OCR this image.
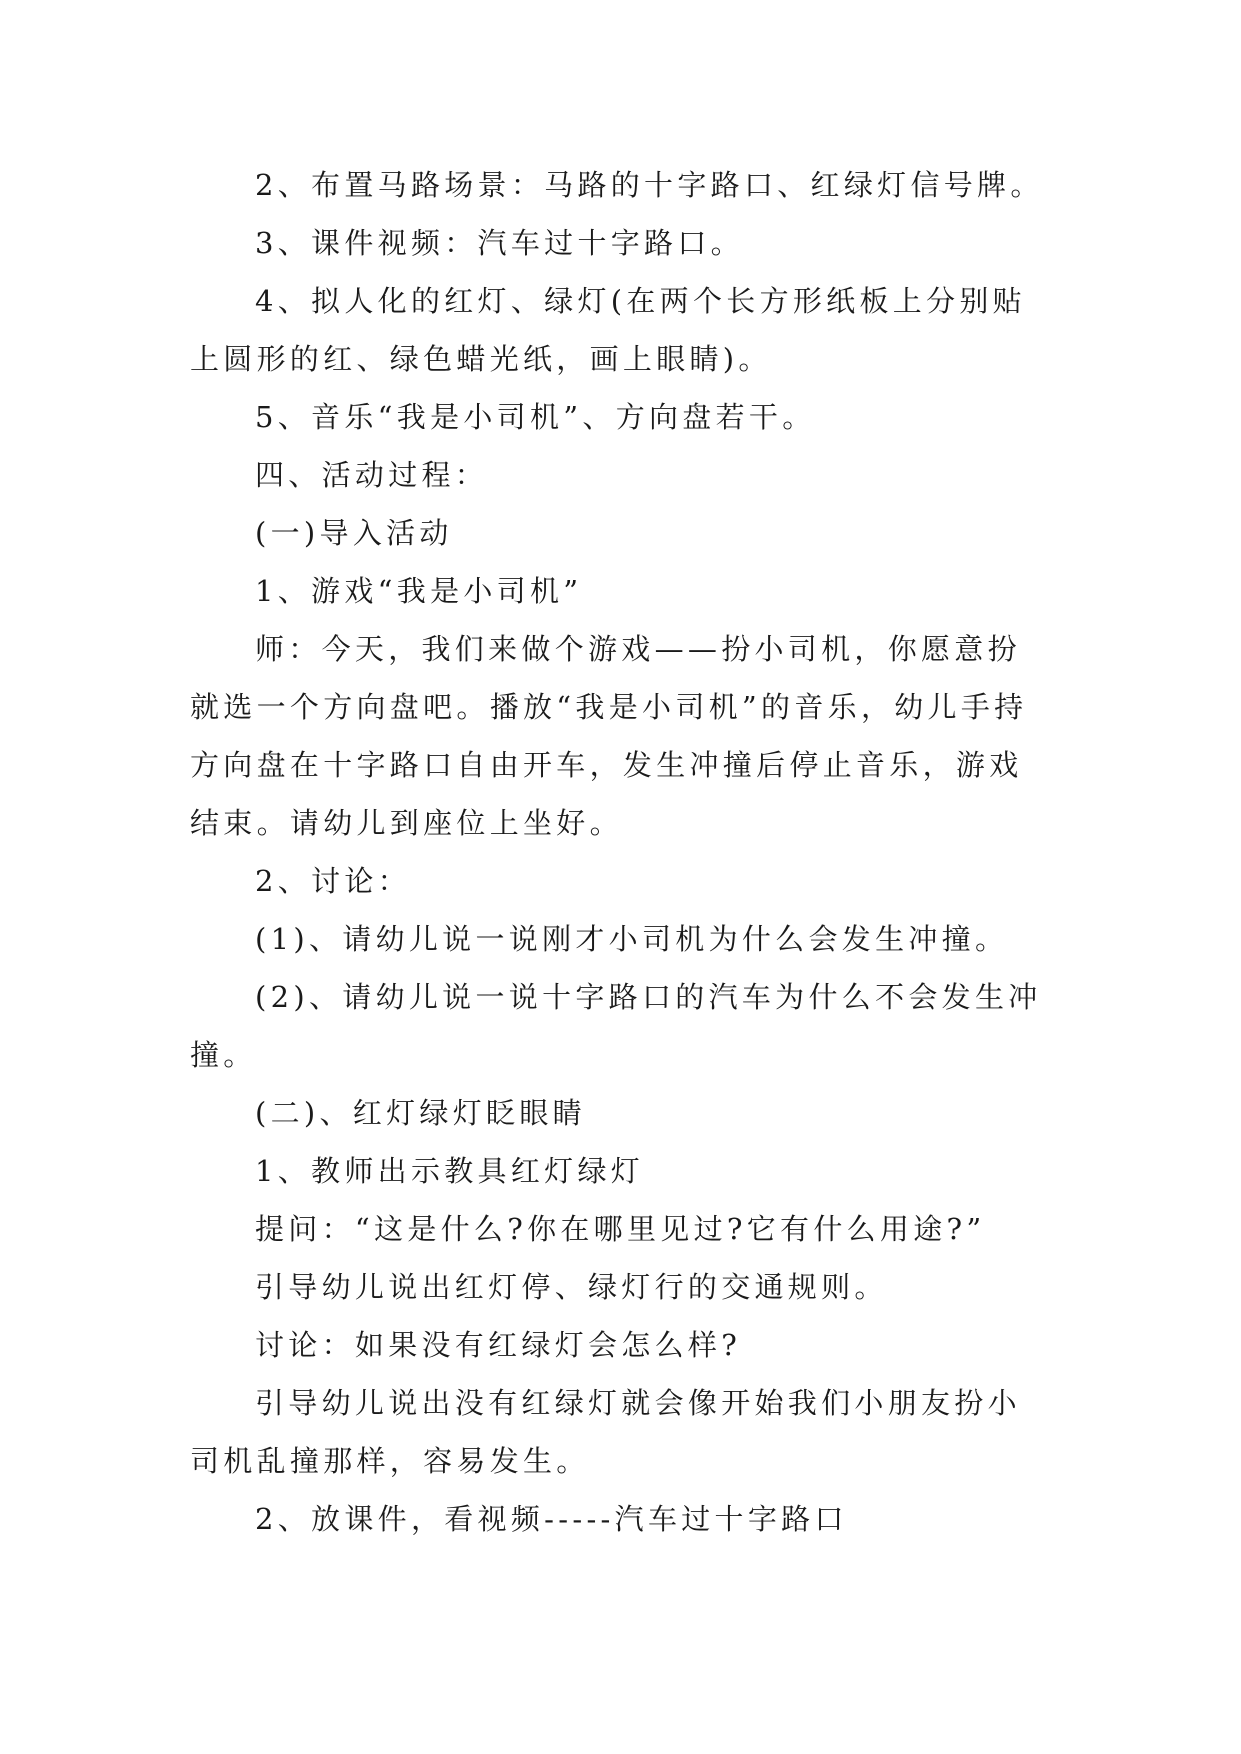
2、布置马路场景：马路的十字路口、红绿灯信号牌。

3、课件视频：汽车过十字路口。

4、拟人化的红灯、绿灯(在两个长方形纸板上分别贴上圆形的红、绿色蜡光纸，画上眼睛)。

5、音乐“我是小司机”、方向盘若干。

四、活动过程：

(一)导入活动

1、游戏“我是小司机”

师：今天，我们来做个游戏——扮小司机，你愿意扮就选一个方向盘吧。播放“我是小司机”的音乐，幼儿手持方向盘在十字路口自由开车，发生冲撞后停止音乐，游戏结束。请幼儿到座位上坐好。

2、讨论：

(1)、请幼儿说一说刚才小司机为什么会发生冲撞。

(2)、请幼儿说一说十字路口的汽车为什么不会发生冲撞。

(二)、红灯绿灯眨眼睛

1、教师出示教具红灯绿灯

提问：“这是什么?你在哪里见过?它有什么用途?”

引导幼儿说出红灯停、绿灯行的交通规则。

讨论：如果没有红绿灯会怎么样?

引导幼儿说出没有红绿灯就会像开始我们小朋友扮小司机乱撞那样，容易发生。

2、放课件，看视频-----汽车过十字路口
